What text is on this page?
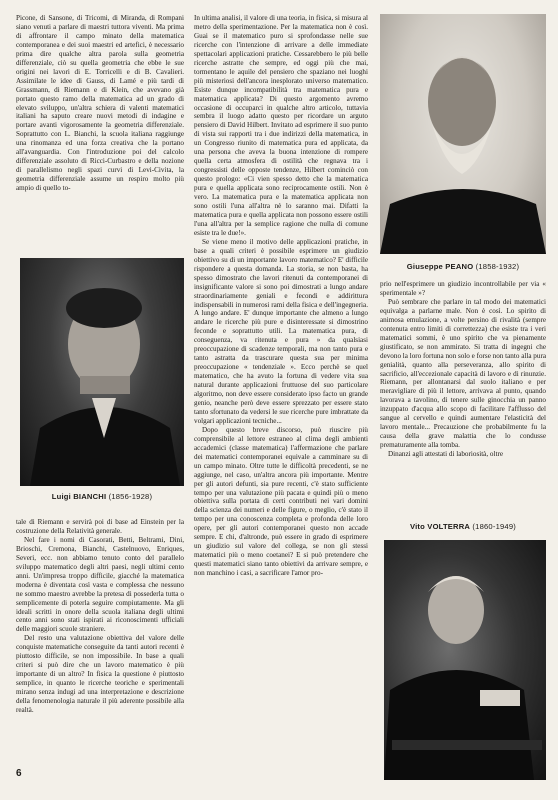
Picone, di Sansone, di Tricomi, di Miranda, di Rompani siano venuti a parlare di maestri tuttora viventi. Ma prima di affrontare il campo minato della matematica contemporanea e dei suoi maestri ed artefici, è necessario prima dire qualche altra parola sulla geometria differenziale, ciò su quella geometria che ebbe le sue origini nei lavori di E. Torricelli e di B. Cavalieri. Assimilate le idee di Gauss, di Lamé e più tardi di Grassmann, di Riemann e di Klein, che avevano già portato questo ramo della matematica ad un grado di elevato sviluppo, un'altra schiera di valenti matematici italiani ha saputo creare nuovi metodi di indagine e portare avanti vigorosamente la geometria differenziale. Soprattutto con L. Bianchi, la scuola italiana raggiunge una rinomanza ed una forza creativa che la portano all'avanguardia. Con l'introduzione poi del calcolo differenziale assoluto di Ricci-Curbastro e della nozione di parallelismo negli spazi curvi di Levi-Civita, la geometria differenziale assume un respiro molto più ampio di quello to-

Luigi BIANCHI (1856-1928)

tale di Riemann e servirà poi di base ad Einstein per la costruzione della Relatività generale.

Nel fare i nomi di Casorati, Betti, Beltrami, Dini, Brioschi, Cremona, Bianchi, Castelnuovo, Enriques, Severi, ecc. non abbiamo tenuto conto del parallelo sviluppo matematico degli altri paesi, negli ultimi cento anni. Un'impresa troppo difficile, giacché la matematica moderna è diventata così vasta e complessa che nessuno ne sommo maestro avrebbe la pretesa di possederla tutta o semplicemente di poterla seguire compiutamente. Ma gli ideali scritti in onore della scuola italiana degli ultimi cento anni sono stati ispirati ai riconoscimenti ufficiali delle maggiori scuole straniere.

Del resto una valutazione obiettiva del valore delle conquiste matematiche conseguite da tanti autori recenti è piuttosto difficile, se non impossibile. In base a quali criteri si può dire che un lavoro matematico è più importante di un altro? In fisica la questione è piuttosto semplice, in quanto le ricerche teoriche e sperimentali mirano senza indugi ad una interpretazione e descrizione della fenomenologia naturale il più aderente possibile alla realtà.

In ultima analisi, il valore di una teoria, in fisica, si misura al metro della sperimentazione. Per la matematica non è così. Guai se il matematico puro si sprofondasse nelle sue ricerche con l'intenzione di arrivare a delle immediate spettacolari applicazioni pratiche. Cessarebbero le più belle ricerche astratte che sempre, ed oggi più che mai, tormentano le aquile del pensiero che spaziano nei luoghi più misteriosi dell'ancora inesplorato universo matematico. Esiste dunque incompatibilità tra matematica pura e matematica applicata? Di questo argomento avremo occasione di occuparci in qualche altro articolo, tuttavia sembra il luogo adatto questo per ricordare un arguto pensiero di David Hilbert. Invitato ad esprimere il suo punto di vista sui rapporti tra i due indirizzi della matematica, in un Congresso riunito di matematica pura ed applicata, da una persona che aveva la buona intenzione di rompere quella certa atmosfera di ostilità che regnava tra i congressisti delle opposte tendenze, Hilbert cominciò con questo prologo: «Ci vien spesso detto che la matematica pura e quella applicata sono reciprocamente ostili. Non è vero. La matematica pura e la matematica applicata non sono ostili l'una all'altra nè lo saranno mai. Difatti la matematica pura e quella applicata non possono essere ostili l'una all'altra per la semplice ragione che nulla di comune esiste tra le due!».

Se viene meno il motivo delle applicazioni pratiche, in base a quali criteri è possibile esprimere un giudizio obiettivo su di un importante lavoro matematico? E' difficile rispondere a questa domanda. La storia, se non basta, ha spesso dimostrato che lavori ritenuti da contemporanei di insignificante valore si sono poi dimostrati a lungo andare straordinariamente geniali e fecondi e addirittura indispensabili in numerosi rami della fisica e dell'ingegneria. A lungo andare. E' dunque importante che almeno a lungo andare le ricerche più pure e disinteressate si dimostrino feconde e soprattutto utili. La matematica pura, di conseguenza, va ritenuta e pura » da qualsiasi preoccupazione di scadenze temporali, ma non tanto pura e tanto astratta da trascurare questa sua per minima preoccupazione « tendenziale ». Ecco perchè se quel matematico, che ha avuto la fortuna di vedere vita sua natural durante applicazioni fruttuose del suo particolare algoritmo, non deve essere considerato ipso facto un grande genio, neanche però deve essere sprezzato per essere stato tanto sfortunato da vedersi le sue ricerche pure imbrattate da volgari applicazioni tecniche...

Dopo questo breve discorso, può riuscire più comprensibile al lettore estraneo al clima degli ambienti accademici (classe matematica) l'affermazione che parlare dei matematici contemporanei equivale a camminare su di un campo minato. Oltre tutte le difficoltà precedenti, se ne aggiunge, nel caso, un'altra ancora più importante. Mentre per gli autori defunti, sia pure recenti, c'è stato sufficiente tempo per una valutazione più pacata e quindi più o meno obiettiva sulla portata di certi contributi nei vari domini della scienza dei numeri e delle figure, o meglio, c'è stato il tempo per una conoscenza completa e profonda delle loro opere, per gli autori contemporanei questo non accade sempre. E chi, d'altronde, può essere in grado di esprimere un giudizio sul valore del collega, se non gli stessi matematici più o meno coetanei? E si può pretendere che questi matematici siano tanto obiettivi da arrivare sempre, e non manchino i casi, a sacrificare l'amor pro-

Giuseppe PEANO (1858-1932)

prio nell'esprimere un giudizio incontrollabile per via « sperimentale »?

Può sembrare che parlare in tal modo dei matematici equivalga a parlarne male. Non è così. Lo spirito di animosa emulazione, a volte persino di rivalità (sempre contenuta entro limiti di correttezza) che esiste tra i veri matematici sommi, è uno spirito che va pienamente giustificato, se non ammirato. Si tratta di ingegni che devono la loro fortuna non solo e forse non tanto alla pura genialità, quanto alla perseveranza, allo spirito di sacrificio, all'eccezionale capacità di lavoro e di rinunzie. Riemann, per allontanarsi dal suolo italiano e per meravigliare di più il lettore, arrivava al punto, quando lavorava a tavolino, di tenere sulle ginocchia un panno inzuppato d'acqua allo scopo di facilitare l'afflusso del sangue al cervello e quindi aumentare l'elasticità del lavoro mentale... Precauzione che probabilmente fu la causa della grave malattia che lo condusse prematuramente alla tomba.

Dinanzi agli attestati di laboriosità, oltre

Vito VOLTERRA (1860-1949)
6
